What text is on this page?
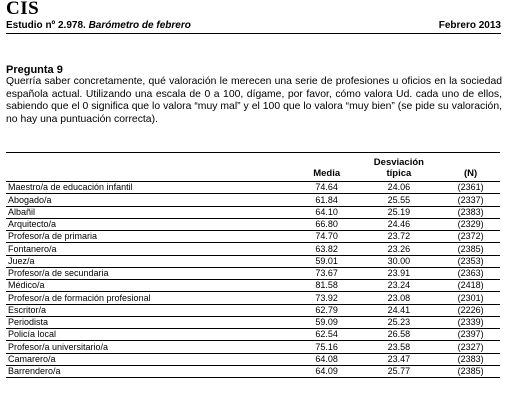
CIS
Estudio nº 2.978. Barómetro de febrero	Febrero 2013
Pregunta 9

Querría saber concretamente, qué valoración le merecen una serie de profesiones u oficios en la sociedad española actual. Utilizando una escala de 0 a 100, dígame, por favor, cómo valora Ud. cada uno de ellos, sabiendo que el 0 significa que lo valora “muy mal” y el 100 que lo valora “muy bien” (se pide su valoración, no hay una puntuación correcta).

	Media	Desviación
típica	(N)
Maestro/a de educación infantil	74.64	24.06	(2361)
Abogado/a	61.84	25.55	(2337)
Albañil	64.10	25.19	(2383)
Arquitecto/a	66.80	24.46	(2329)
Profesor/a de primaria	74.70	23.72	(2372)
Fontanero/a	63.82	23.26	(2385)
Juez/a	59.01	30.00	(2353)
Profesor/a de secundaria	73.67	23.91	(2363)
Médico/a	81.58	23.24	(2418)
Profesor/a de formación profesional	73.92	23.08	(2301)
Escritor/a	62.79	24.41	(2226)
Periodista	59.09	25.23	(2339)
Policía local	62.54	26.58	(2397)
Profesor/a universitario/a	75.16	23.58	(2327)
Camarero/a	64.08	23.47	(2383)
Barrendero/a	64.09	25.77	(2385)
